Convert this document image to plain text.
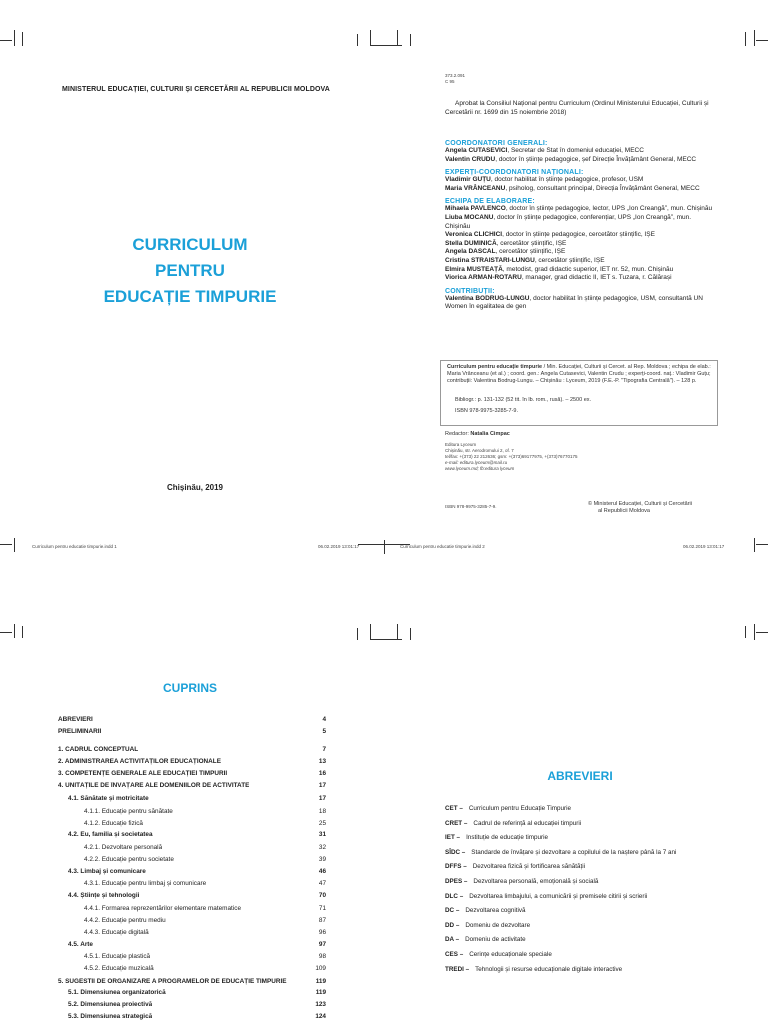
MINISTERUL EDUCAȚIEI, CULTURII ȘI CERCETĂRII AL REPUBLICII MOLDOVA
CURRICULUM
PENTRU
EDUCAȚIE TIMPURIE
Chișinău, 2019
Curriculum pentru educatie timpurie.indd 1	06.02.2019 13:01:17
373.2.091
C 95
Aprobat la Consiliul Național pentru Curriculum (Ordinul Ministerului Educației, Culturii și Cercetării nr. 1699 din 15 noiembrie 2018)
COORDONATORI GENERALI:
Angela CUTASEVICI, Secretar de Stat în domeniul educației, MECC
Valentin CRUDU, doctor în științe pedagogice, șef Direcție Învățământ General, MECC
EXPERȚI-COORDONATORI NAȚIONALI:
Vladimir GUȚU, doctor habilitat în științe pedagogice, profesor, USM
Maria VRÂNCEANU, psiholog, consultant principal, Direcția Învățământ General, MECC
ECHIPA DE ELABORARE:
Mihaela PAVLENCO, doctor în științe pedagogice, lector, UPS „Ion Creangă”, mun. Chișinău
Liuba MOCANU, doctor în științe pedagogice, conferențiar, UPS „Ion Creangă”, mun. Chișinău
Veronica CLICHICI, doctor în științe pedagogice, cercetător științific, IȘE
Stella DUMINICĂ, cercetător științific, IȘE
Angela DASCAL, cercetător științific, IȘE
Cristina STRAISTARI-LUNGU, cercetător științific, IȘE
Elmira MUSTEAȚĂ, metodist, grad didactic superior, IET nr. 52, mun. Chișinău
Viorica ARMAN-ROTARU, manager, grad didactic II, IET s. Tuzara, r. Călărași
CONTRIBUȚII:
Valentina BODRUG-LUNGU, doctor habilitat în științe pedagogice, USM, consultantă UN Women în egalitatea de gen
Curriculum pentru educație timpurie / Min. Educației, Culturii și Cercet. al Rep. Moldova ; echipa de elab.: Maria Vrânceanu (et al.) ; coord. gen.: Angela Cutasevici, Valentin Crudu ; experți-coord. naț.: Vladimir Guțu; contribuții: Valentina Bodrug-Lungu. – Chișinău : Lyceum, 2019 (F.E.-P. "Tipografia Centrală"). – 128 p.
Bibliogr.: p. 131-132 (52 tit. în lb. rom., rusă). – 2500 ex.
ISBN 978-9975-3285-7-9.
Redactor: Natalia Cimpac
Editura Lyceum
Chișinău, str. Aerodromului 2, of. 7
tel/fax: +(373) 22 212636; gsm: +(373)69177975, +(373)76770175
e-mail: editura.lyceum@mail.ru
www.lyceum.md; fb:editura lyceum
ISBN 978-9975-3285-7-9.	© Ministerul Educației, Culturii și Cercetării
al Republicii Moldova
Curriculum pentru educatie timpurie.indd 2	06.02.2019 13:01:17
CUPRINS
ABREVIERI	4
PRELIMINARII	5
1. CADRUL CONCEPTUAL	7
2. ADMINISTRAREA ACTIVITĂȚILOR EDUCAȚIONALE	13
3. COMPETENȚE GENERALE ALE EDUCAȚIEI TIMPURII	16
4. UNITĂȚILE DE ÎNVĂȚARE ALE DOMENIILOR DE ACTIVITATE	17
4.1. Sănătate și motricitate	17
4.1.1. Educație pentru sănătate	18
4.1.2. Educație fizică	25
4.2. Eu, familia și societatea	31
4.2.1. Dezvoltare personală	32
4.2.2. Educație pentru societate	39
4.3. Limbaj și comunicare	46
4.3.1. Educație pentru limbaj și comunicare	47
4.4. Științe și tehnologii	70
4.4.1. Formarea reprezentărilor elementare matematice	71
4.4.2. Educație pentru mediu	87
4.4.3. Educație digitală	96
4.5. Arte	97
4.5.1. Educație plastică	98
4.5.2. Educație muzicală	109
5. SUGESTII DE ORGANIZARE A PROGRAMELOR DE EDUCAȚIE TIMPURIE	119
5.1. Dimensiunea organizatorică	119
5.2. Dimensiunea proiectivă	123
5.3. Dimensiunea strategică	124
ABREVIERI
CET – Curriculum pentru Educație Timpurie
CRET – Cadrul de referință al educației timpurii
IET – Instituție de educație timpurie
SÎDC – Standarde de învățare și dezvoltare a copilului de la naștere până la 7 ani
DFFS – Dezvoltarea fizică și fortificarea sănătății
DPES – Dezvoltarea personală, emoțională și socială
DLC – Dezvoltarea limbajului, a comunicării și premisele citirii și scrierii
DC – Dezvoltarea cognitivă
DD – Domeniu de dezvoltare
DA – Domeniu de activitate
CES – Cerințe educaționale speciale
TREDI – Tehnologii și resurse educaționale digitale interactive
